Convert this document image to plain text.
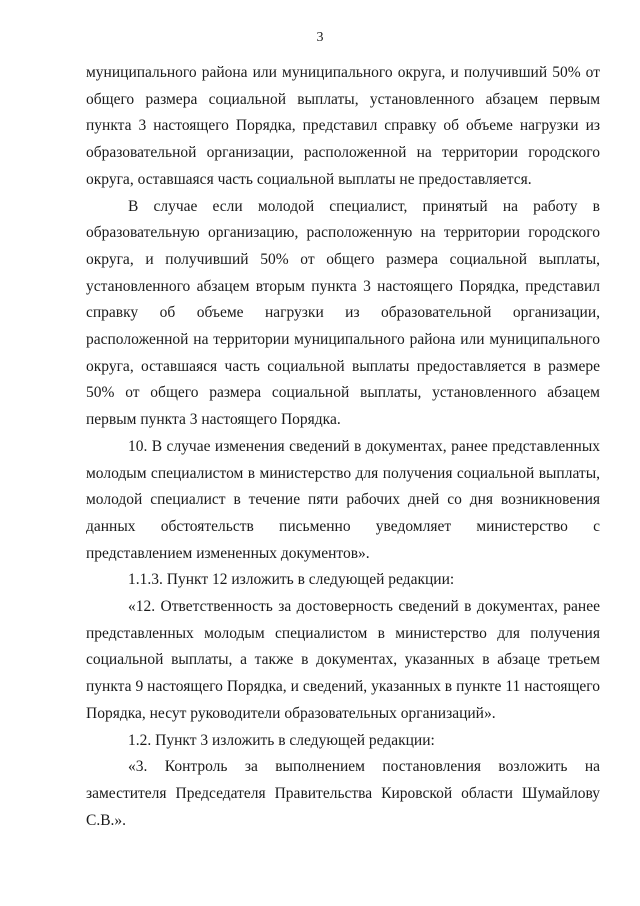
3

муниципального района или муниципального округа, и получивший 50% от общего размера социальной выплаты, установленного абзацем первым пункта 3 настоящего Порядка, представил справку об объеме нагрузки из образовательной организации, расположенной на территории городского округа, оставшаяся часть социальной выплаты не предоставляется.

В случае если молодой специалист, принятый на работу в образовательную организацию, расположенную на территории городского округа, и получивший 50% от общего размера социальной выплаты, установленного абзацем вторым пункта 3 настоящего Порядка, представил справку об объеме нагрузки из образовательной организации, расположенной на территории муниципального района или муниципального округа, оставшаяся часть социальной выплаты предоставляется в размере 50% от общего размера социальной выплаты, установленного абзацем первым пункта 3 настоящего Порядка.

10. В случае изменения сведений в документах, ранее представленных молодым специалистом в министерство для получения социальной выплаты, молодой специалист в течение пяти рабочих дней со дня возникновения данных обстоятельств письменно уведомляет министерство с представлением измененных документов».

1.1.3. Пункт 12 изложить в следующей редакции:

«12. Ответственность за достоверность сведений в документах, ранее представленных молодым специалистом в министерство для получения социальной выплаты, а также в документах, указанных в абзаце третьем пункта 9 настоящего Порядка, и сведений, указанных в пункте 11 настоящего Порядка, несут руководители образовательных организаций».

1.2. Пункт 3 изложить в следующей редакции:

«3. Контроль за выполнением постановления возложить на заместителя Председателя Правительства Кировской области Шумайлову С.В.».
